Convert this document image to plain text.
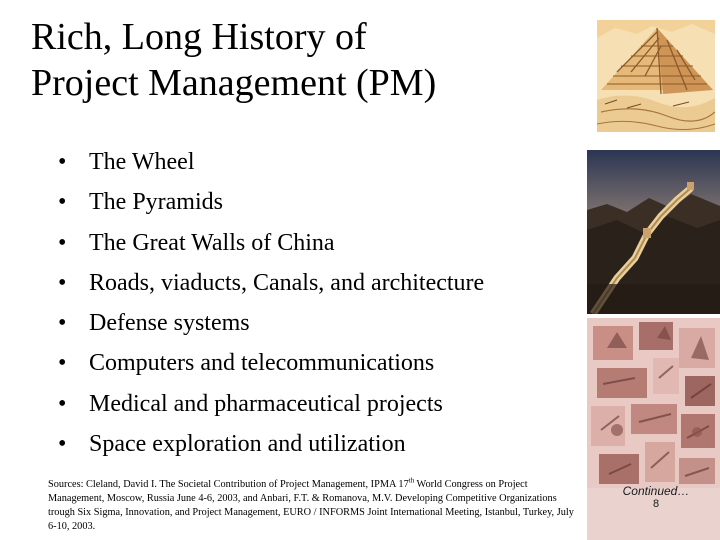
Rich, Long History of
Project Management (PM)
• The Wheel
• The Pyramids
• The Great Walls of China
• Roads, viaducts, Canals, and architecture
• Defense systems
• Computers and telecommunications
• Medical and pharmaceutical projects
• Space exploration and utilization
Sources: Cleland, David I. The Societal Contribution of Project Management, IPMA 17th World Congress on Project Management, Moscow, Russia June 4-6, 2003, and Anbari, F.T. & Romanova, M.V. Developing Competitive Organizations trough Six Sigma, Innovation, and Project Management, EURO / INFORMS Joint International Meeting, Istanbul, Turkey, July 6-10, 2003.
Continued…
8
